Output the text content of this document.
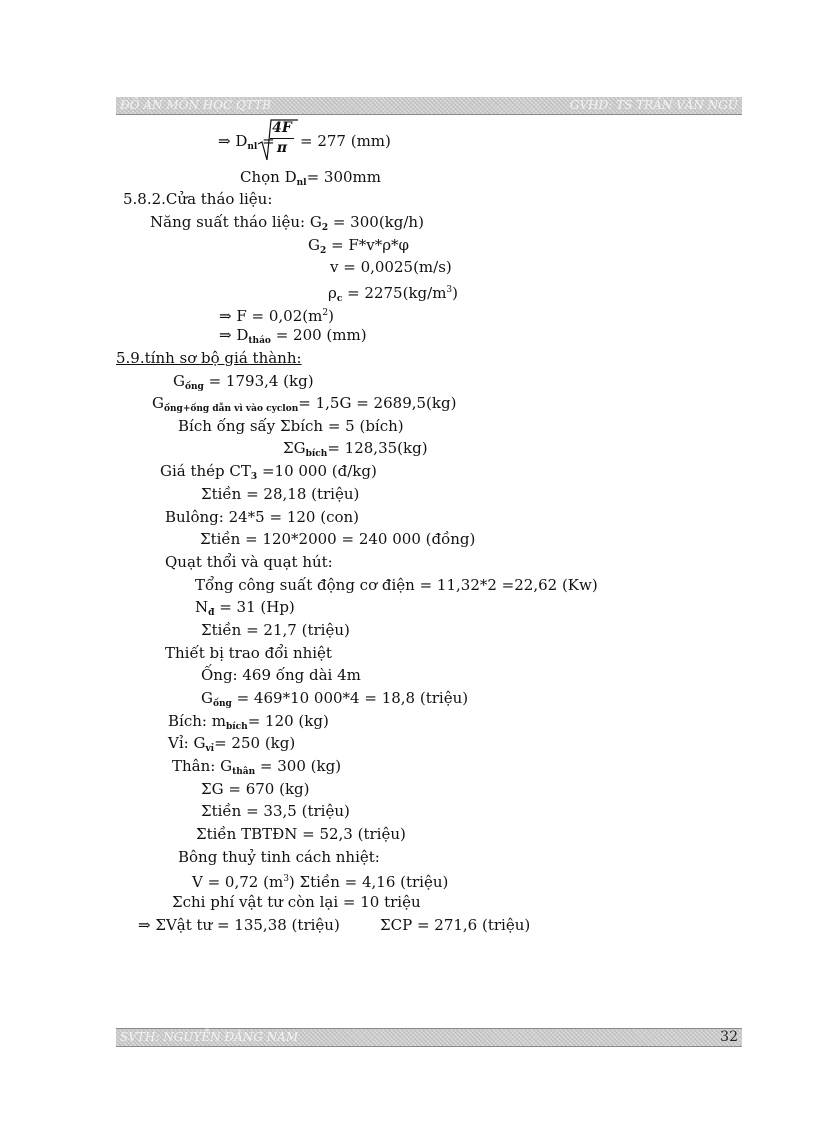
ĐỒ ÁN MÔN HỌC QTTB	GVHD: TS TRẦN VĂN NGŨ
⇒ $D_{nl}$ =
4F
π = 277 (mm)
Chọn $D_{nl}= 300mm$
5.8.2.Cửa tháo liệu:
Năng suất tháo liệu: $G_2 = 300(kg/h)$
$G_2 = F*v*\rho*\varphi$
v = 0,0025(m/s)
$\rho_c = 2275(kg/m^3)$
⇒ $F = 0,02(m^2)$
⇒ $D_{tháo} = 200$ (mm)
5.9.tính sơ bộ giá thành:
$G_{ống} = 1793,4$ (kg)
$G_{ống+ống dẫn vì vào cyclon}= 1,5G = 2689,5(kg)$
Bích ống sấy Σbích = 5 (bích)
$\Sigma G_{bích}= 128,35(kg)$
Giá thép $CT_3 =10$ 000 (đ/kg)
Σtiền = 28,18 (triệu)
Bulông: 24*5 = 120 (con)
Σtiền = 120*2000 = 240 000 (đồng)
Quạt thổi và quạt hút:
Tổng công suất động cơ điện = 11,32*2 =22,62 (Kw)
$N_đ = 31$ (Hp)
Σtiền = 21,7 (triệu)
Thiết bị trao đổi nhiệt
Ống: 469 ống dài 4m
$G_{ống} = 469*10$ 000*4 = 18,8 (triệu)
Bích: $m_{bích}= 120$ (kg)
Vỉ: $G_{vỉ}= 250$ (kg)
Thân: $G_{thân} = 300$ (kg)
ΣG = 670 (kg)
Σtiền = 33,5 (triệu)
Σtiền TBTĐN = 52,3 (triệu)
Bông thuỷ tinh cách nhiệt:
V = 0,72 $(m^3)$ Σtiền = 4,16 (triệu)
Σchi phí vật tư còn lại = 10 triệu
⇒ ΣVật tư = 135,38 (triệu)	ΣCP = 271,6 (triệu)
SVTH: NGUYỄN ĐĂNG NAM	32
